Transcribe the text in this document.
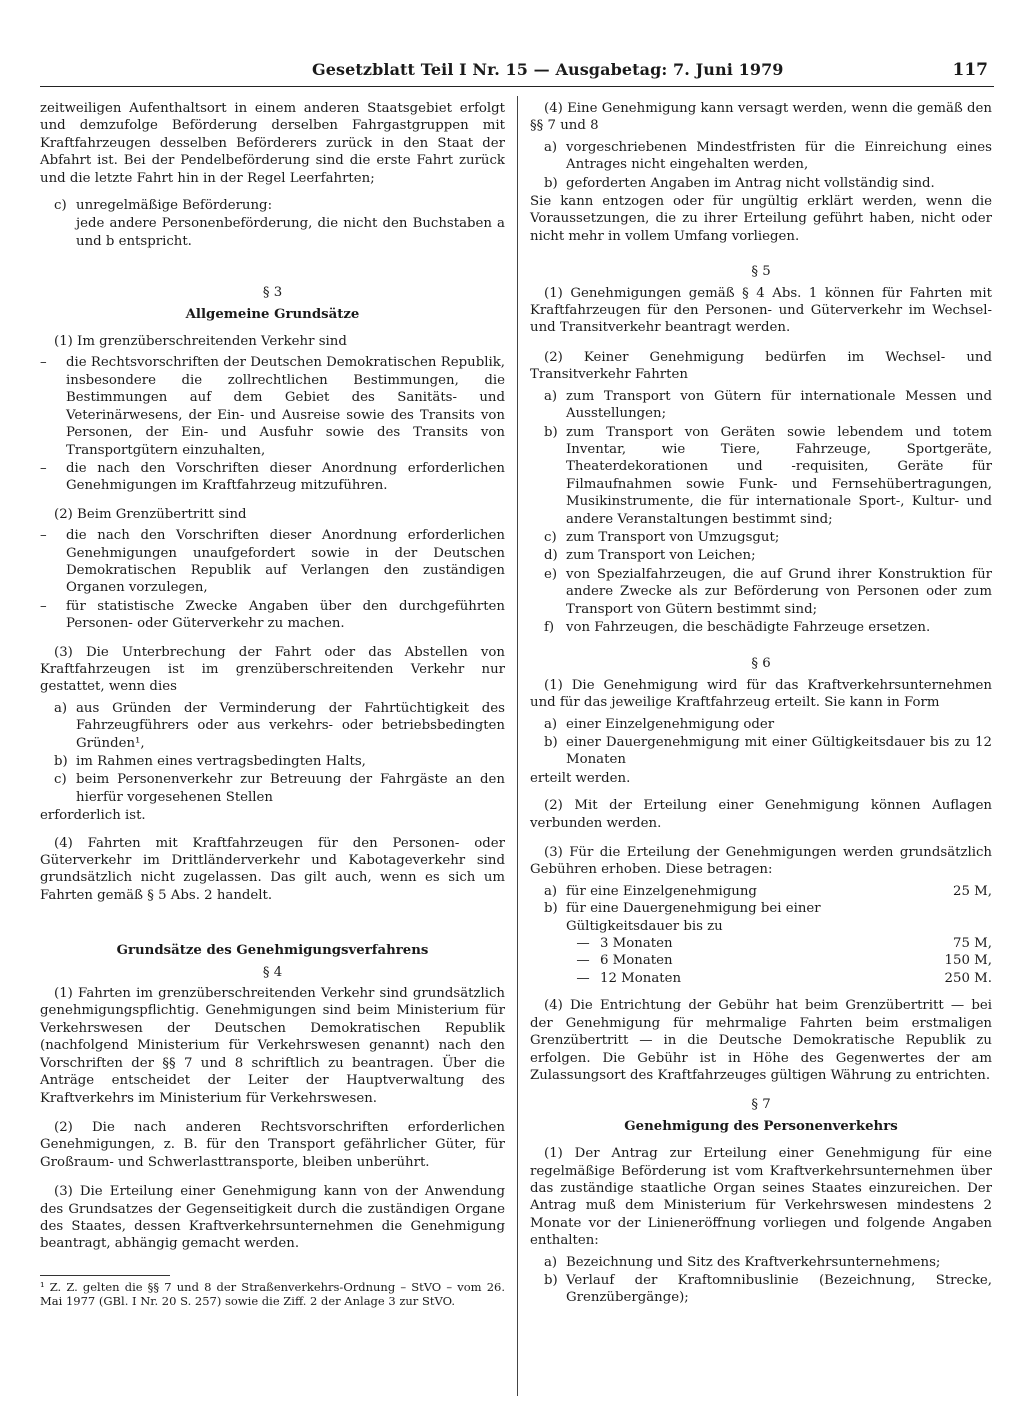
Gesetzblatt Teil I Nr. 15 — Ausgabetag: 7. Juni 1979	117

zeitweiligen Aufenthaltsort in einem anderen Staatsgebiet erfolgt und demzufolge Beförderung derselben Fahrgastgruppen mit Kraftfahrzeugen desselben Beförderers zurück in den Staat der Abfahrt ist. Bei der Pendelbeförderung sind die erste Fahrt zurück und die letzte Fahrt hin in der Regel Leerfahrten;

c) unregelmäßige Beförderung:

jede andere Personenbeförderung, die nicht den Buchstaben a und b entspricht.

§ 3
Allgemeine Grundsätze

(1) Im grenzüberschreitenden Verkehr sind

–	die Rechtsvorschriften der Deutschen Demokratischen Republik, insbesondere die zollrechtlichen Bestimmungen, die Bestimmungen auf dem Gebiet des Sanitäts- und Veterinärwesens, der Ein- und Ausreise sowie des Transits von Personen, der Ein- und Ausfuhr sowie des Transits von Transportgütern einzuhalten,
–	die nach den Vorschriften dieser Anordnung erforderlichen Genehmigungen im Kraftfahrzeug mitzuführen.

(2) Beim Grenzübertritt sind

–	die nach den Vorschriften dieser Anordnung erforderlichen Genehmigungen unaufgefordert sowie in der Deutschen Demokratischen Republik auf Verlangen den zuständigen Organen vorzulegen,
–	für statistische Zwecke Angaben über den durchgeführten Personen- oder Güterverkehr zu machen.

(3) Die Unterbrechung der Fahrt oder das Abstellen von Kraftfahrzeugen ist im grenzüberschreitenden Verkehr nur gestattet, wenn dies

a) aus Gründen der Verminderung der Fahrtüchtigkeit des Fahrzeugführers oder aus verkehrs- oder betriebsbedingten Gründen¹,
b) im Rahmen eines vertragsbedingten Halts,
c) beim Personenverkehr zur Betreuung der Fahrgäste an den hierfür vorgesehenen Stellen

erforderlich ist.

(4) Fahrten mit Kraftfahrzeugen für den Personen- oder Güterverkehr im Drittländerverkehr und Kabotageverkehr sind grundsätzlich nicht zugelassen. Das gilt auch, wenn es sich um Fahrten gemäß § 5 Abs. 2 handelt.

Grundsätze des Genehmigungsverfahrens
§ 4

(1) Fahrten im grenzüberschreitenden Verkehr sind grundsätzlich genehmigungspflichtig. Genehmigungen sind beim Ministerium für Verkehrswesen der Deutschen Demokratischen Republik (nachfolgend Ministerium für Verkehrswesen genannt) nach den Vorschriften der §§ 7 und 8 schriftlich zu beantragen. Über die Anträge entscheidet der Leiter der Hauptverwaltung des Kraftverkehrs im Ministerium für Verkehrswesen.

(2) Die nach anderen Rechtsvorschriften erforderlichen Genehmigungen, z. B. für den Transport gefährlicher Güter, für Großraum- und Schwerlasttransporte, bleiben unberührt.

(3) Die Erteilung einer Genehmigung kann von der Anwendung des Grundsatzes der Gegenseitigkeit durch die zuständigen Organe des Staates, dessen Kraftverkehrsunternehmen die Genehmigung beantragt, abhängig gemacht werden.

¹ Z. Z. gelten die §§ 7 und 8 der Straßenverkehrs-Ordnung – StVO – vom 26. Mai 1977 (GBl. I Nr. 20 S. 257) sowie die Ziff. 2 der Anlage 3 zur StVO.

(4) Eine Genehmigung kann versagt werden, wenn die gemäß den §§ 7 und 8

a) vorgeschriebenen Mindestfristen für die Einreichung eines Antrages nicht eingehalten werden,
b) geforderten Angaben im Antrag nicht vollständig sind.

Sie kann entzogen oder für ungültig erklärt werden, wenn die Voraussetzungen, die zu ihrer Erteilung geführt haben, nicht oder nicht mehr in vollem Umfang vorliegen.

§ 5

(1) Genehmigungen gemäß § 4 Abs. 1 können für Fahrten mit Kraftfahrzeugen für den Personen- und Güterverkehr im Wechsel- und Transitverkehr beantragt werden.

(2) Keiner Genehmigung bedürfen im Wechsel- und Transitverkehr Fahrten

a) zum Transport von Gütern für internationale Messen und Ausstellungen;
b) zum Transport von Geräten sowie lebendem und totem Inventar, wie Tiere, Fahrzeuge, Sportgeräte, Theaterdekorationen und -requisiten, Geräte für Filmaufnahmen sowie Funk- und Fernsehübertragungen, Musikinstrumente, die für internationale Sport-, Kultur- und andere Veranstaltungen bestimmt sind;
c) zum Transport von Umzugsgut;
d) zum Transport von Leichen;
e) von Spezialfahrzeugen, die auf Grund ihrer Konstruktion für andere Zwecke als zur Beförderung von Personen oder zum Transport von Gütern bestimmt sind;
f) von Fahrzeugen, die beschädigte Fahrzeuge ersetzen.
§ 6

(1) Die Genehmigung wird für das Kraftverkehrsunternehmen und für das jeweilige Kraftfahrzeug erteilt. Sie kann in Form

a) einer Einzelgenehmigung oder
b) einer Dauergenehmigung mit einer Gültigkeitsdauer bis zu 12 Monaten

erteilt werden.

(2) Mit der Erteilung einer Genehmigung können Auflagen verbunden werden.

(3) Für die Erteilung der Genehmigungen werden grundsätzlich Gebühren erhoben. Diese betragen:

a) für eine Einzelgenehmigung	25 M,
b) für eine Dauergenehmigung bei einer Gültigkeitsdauer bis zu
— 3 Monaten	75 M,
— 6 Monaten	150 M,
— 12 Monaten	250 M.

(4) Die Entrichtung der Gebühr hat beim Grenzübertritt — bei der Genehmigung für mehrmalige Fahrten beim erstmaligen Grenzübertritt — in die Deutsche Demokratische Republik zu erfolgen. Die Gebühr ist in Höhe des Gegenwertes der am Zulassungsort des Kraftfahrzeuges gültigen Währung zu entrichten.

§ 7
Genehmigung des Personenverkehrs

(1) Der Antrag zur Erteilung einer Genehmigung für eine regelmäßige Beförderung ist vom Kraftverkehrsunternehmen über das zuständige staatliche Organ seines Staates einzureichen. Der Antrag muß dem Ministerium für Verkehrswesen mindestens 2 Monate vor der Linieneröffnung vorliegen und folgende Angaben enthalten:

a) Bezeichnung und Sitz des Kraftverkehrsunternehmens;
b) Verlauf der Kraftomnibuslinie (Bezeichnung, Strecke, Grenzübergänge);
